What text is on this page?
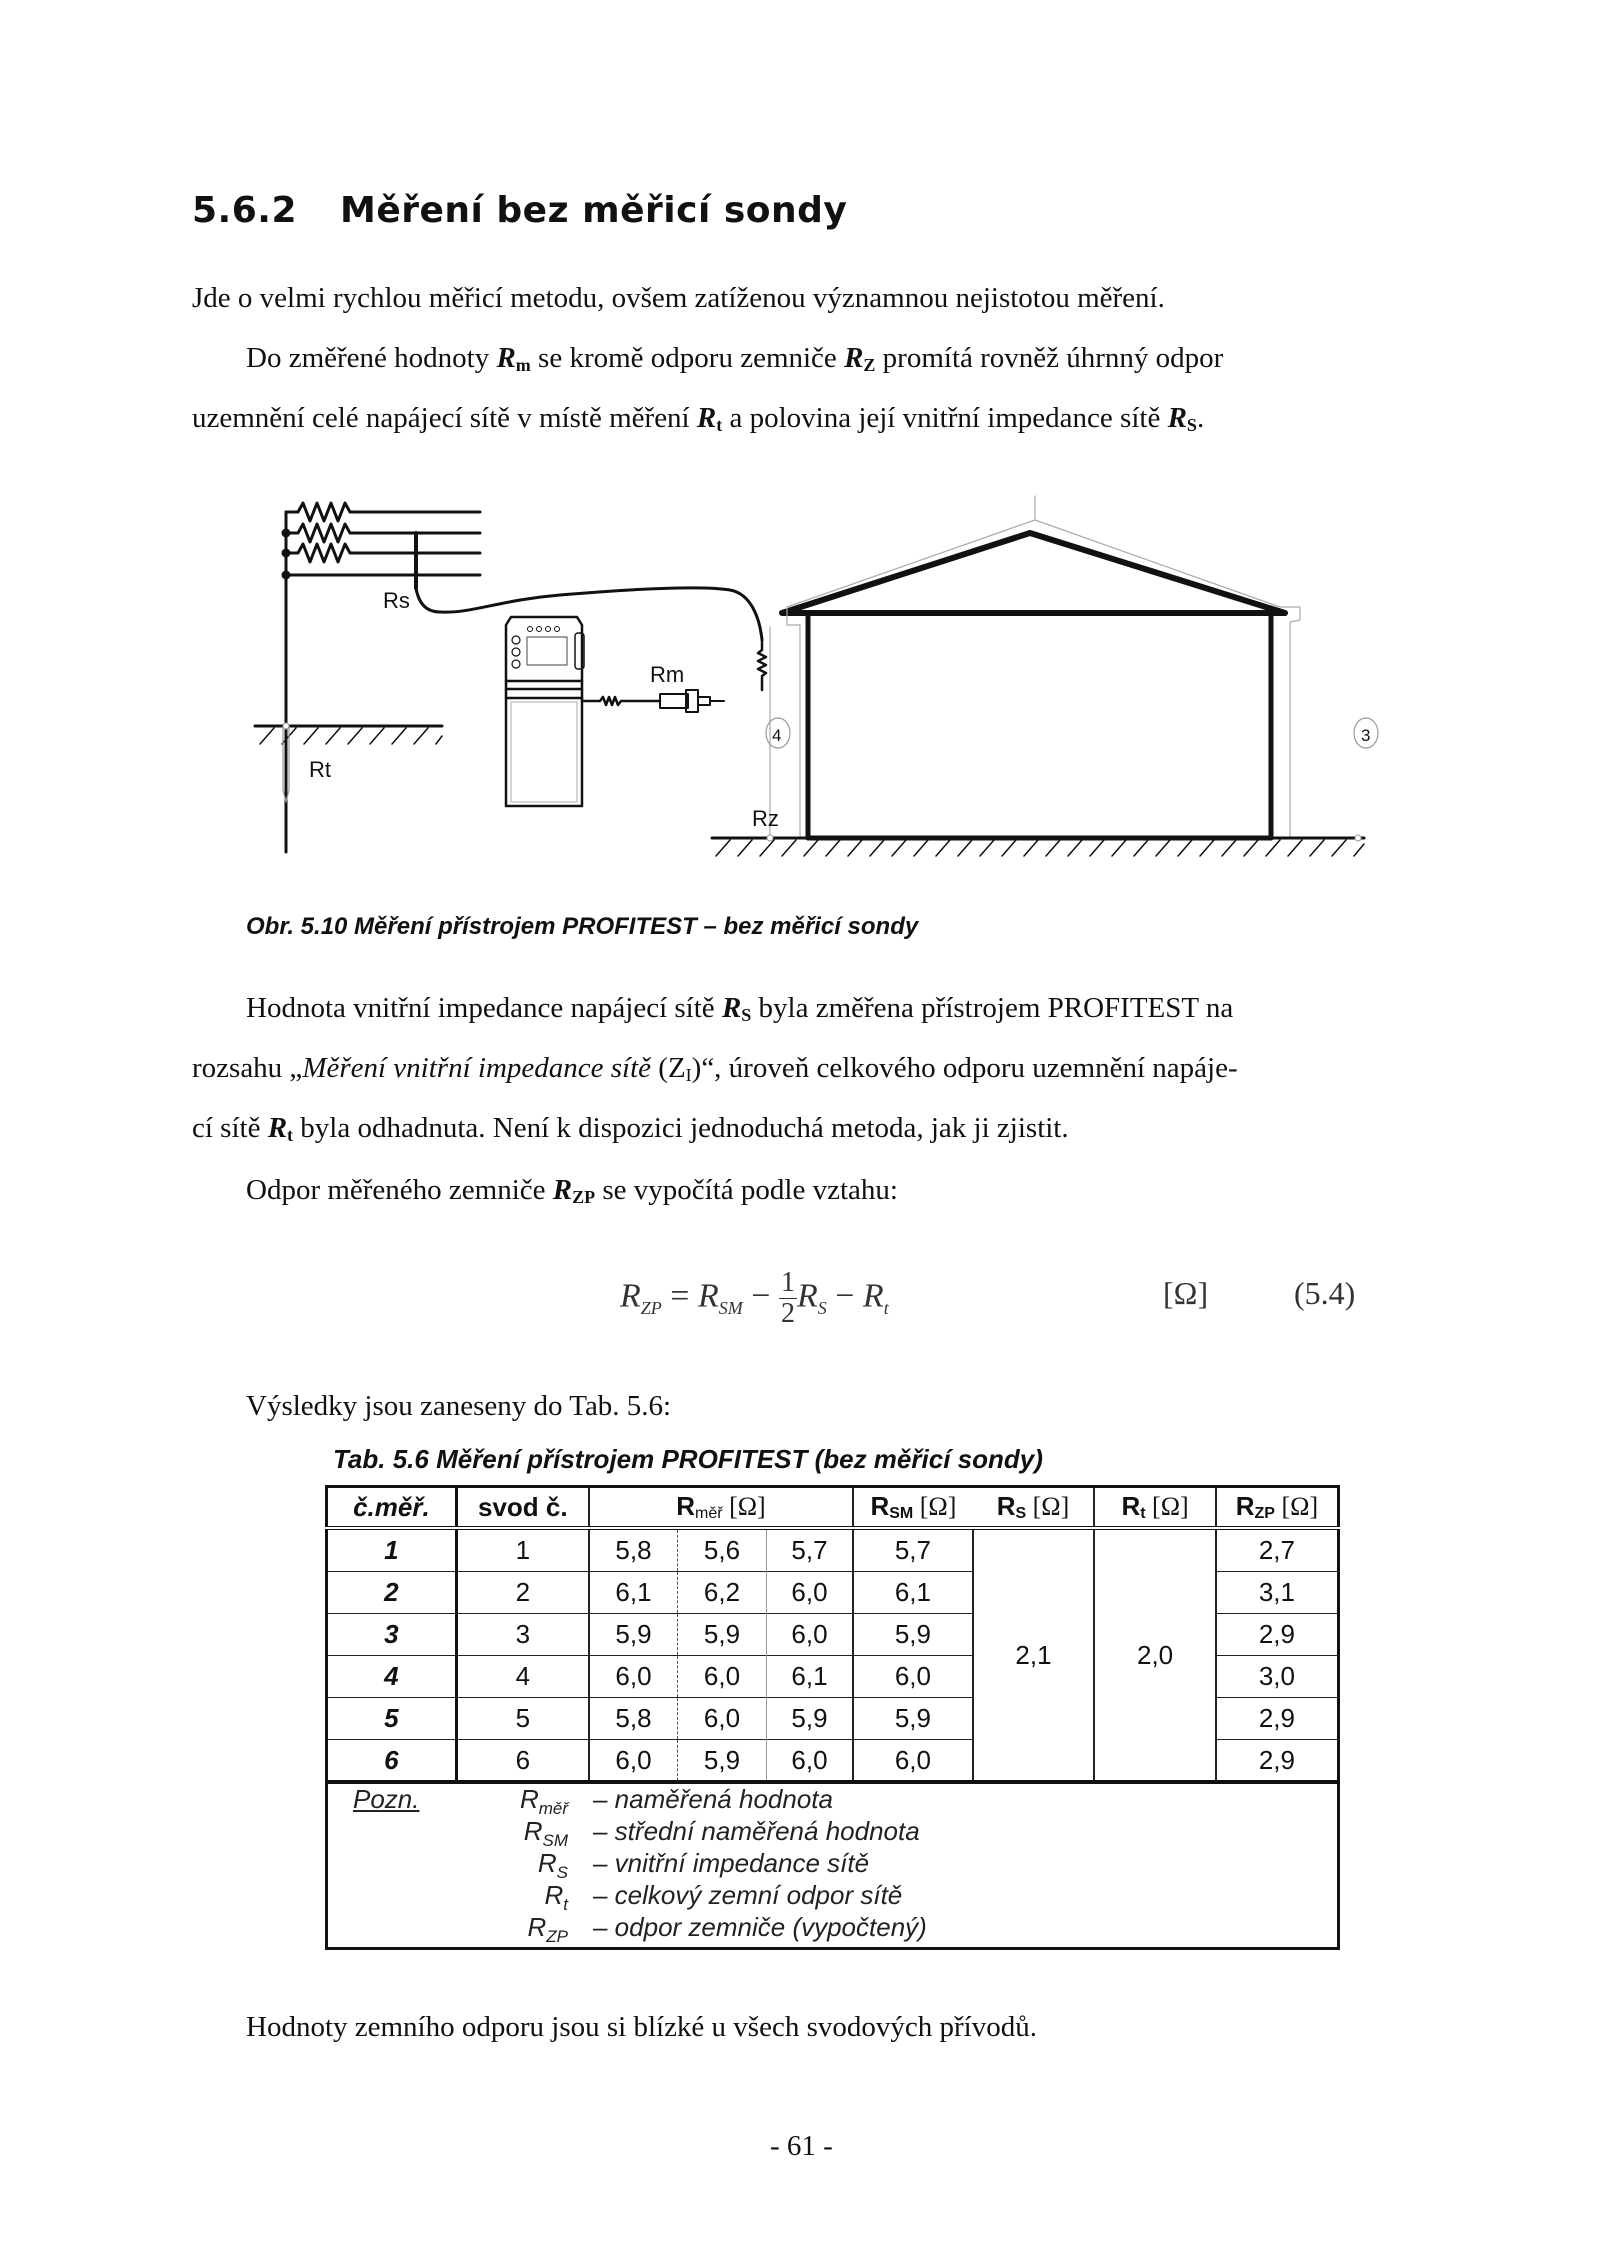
5.6.2 Měření bez měřicí sondy
Jde o velmi rychlou měřicí metodu, ovšem zatíženou významnou nejistotou měření.
Do změřené hodnoty $R_m$ se kromě odporu zemniče $R_Z$ promítá rovněž úhrnný odpor
uzemnění celé napájecí sítě v místě měření $R_t$ a polovina její vnitřní impedance sítě $R_S$.
Rs
Rm
Rt
Rz
4	3
Obr. 5.10 Měření přístrojem PROFITEST – bez měřicí sondy
Hodnota vnitřní impedance napájecí sítě $R_S$ byla změřena přístrojem PROFITEST na
rozsahu „Měření vnitřní impedance sítě $(Z_I)“$, úroveň celkového odporu uzemnění napáje-
cí sítě $R_t$ byla odhadnuta. Není k dispozici jednoduchá metoda, jak ji zjistit.
Odpor měřeného zemniče $R_{ZP}$ se vypočítá podle vztahu:
$R_{ZP} = R_{SM} - \frac{1}{2} R_S - R_t$	[Ω]	(5.4)
Výsledky jsou zaneseny do Tab. 5.6:
Tab. 5.6 Měření přístrojem PROFITEST (bez měřicí sondy)
č.měř.	svod č.	$R_{měř}$ [Ω]			$R_{SM}$ [Ω]	$R_S$ [Ω]	$R_t$ [Ω]	$R_{ZP}$ [Ω]
1	1	5,8	5,6	5,7	5,7	2,1	2,0	2,7
2	2	6,1	6,2	6,0	6,1			3,1
3	3	5,9	5,9	6,0	5,9			2,9
4	4	6,0	6,0	6,1	6,0			3,0
5	5	5,8	6,0	5,9	5,9			2,9
6	6	6,0	5,9	6,0	6,0			2,9
Pozn.	$R_{měř}$ – naměřená hodnota
$R_{SM}$ – střední naměřená hodnota
$R_S$ – vnitřní impedance sítě
$R_t$ – celkový zemní odpor sítě
$R_{ZP}$ – odpor zemniče (vypočtený)
Hodnoty zemního odporu jsou si blízké u všech svodových přívodů.
- 61 -
